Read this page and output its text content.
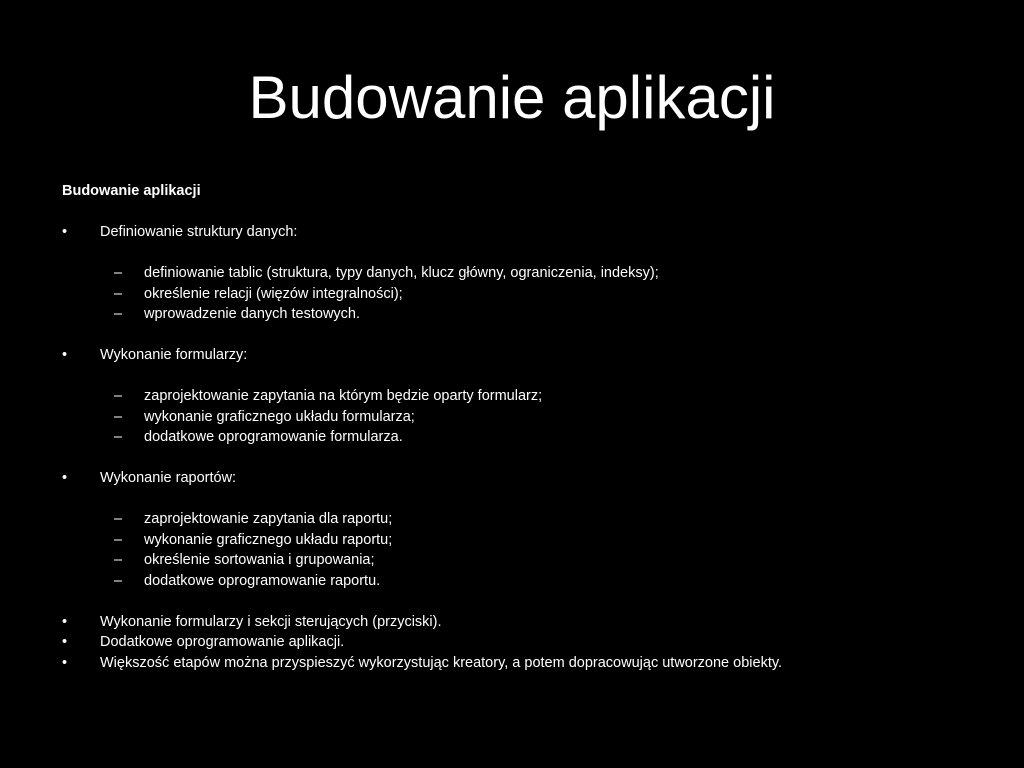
Budowanie aplikacji

Budowanie aplikacji

•	Definiowanie struktury danych:

–	definiowanie tablic (struktura, typy danych, klucz główny, ograniczenia, indeksy);

–	określenie relacji (więzów integralności);

–	wprowadzenie danych testowych.

•	Wykonanie formularzy:

–	zaprojektowanie zapytania na którym będzie oparty formularz;

–	wykonanie graficznego układu formularza;

–	dodatkowe oprogramowanie formularza.

•	Wykonanie raportów:

–	zaprojektowanie zapytania dla raportu;

–	wykonanie graficznego układu raportu;

–	określenie sortowania i grupowania;

–	dodatkowe oprogramowanie raportu.

•	Wykonanie formularzy i sekcji sterujących (przyciski).

•	Dodatkowe oprogramowanie aplikacji.

•	Większość etapów można przyspieszyć wykorzystując kreatory, a potem dopracowując utworzone obiekty.
